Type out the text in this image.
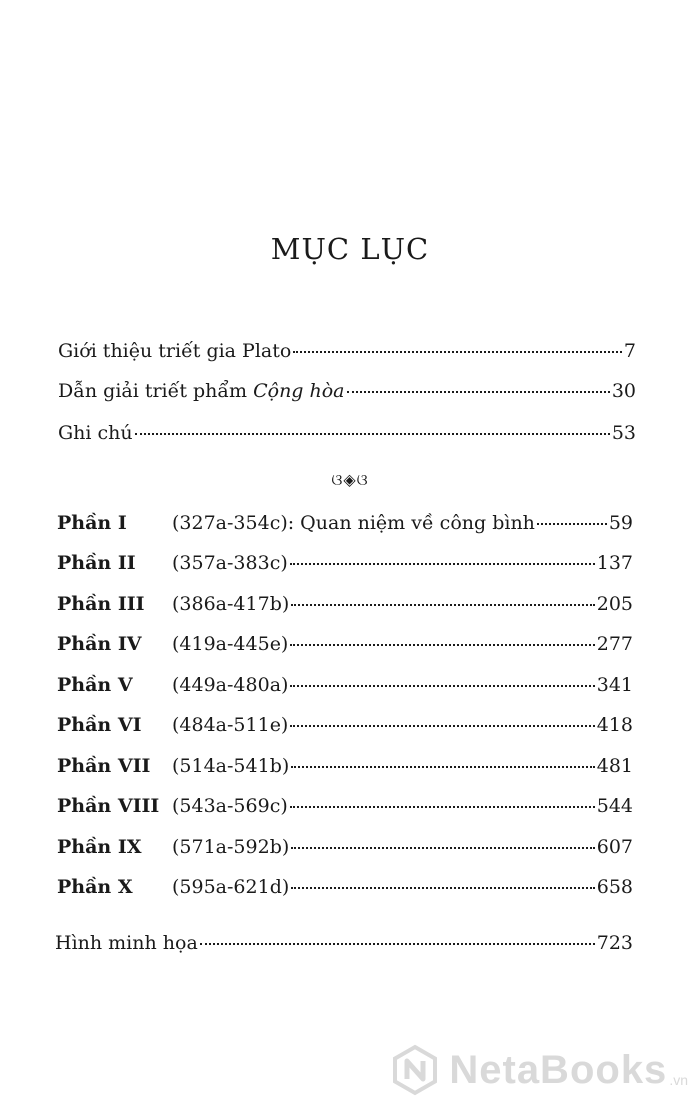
MỤC LỤC
Giới thiệu triết gia Plato	7
Dẫn giải triết phẩm Cộng hòa	30
Ghi chú	53
ଓ◈ଓ
Phần I	(327a-354c): Quan niệm về công bình	59
Phần II	(357a-383c)	137
Phần III	(386a-417b)	205
Phần IV	(419a-445e)	277
Phần V	(449a-480a)	341
Phần VI	(484a-511e)	418
Phần VII	(514a-541b)	481
Phần VIII (543a-569c)	544
Phần IX	(571a-592b)	607
Phần X	(595a-621d)	658
Hình minh họa	723
NetaBooks .vn
